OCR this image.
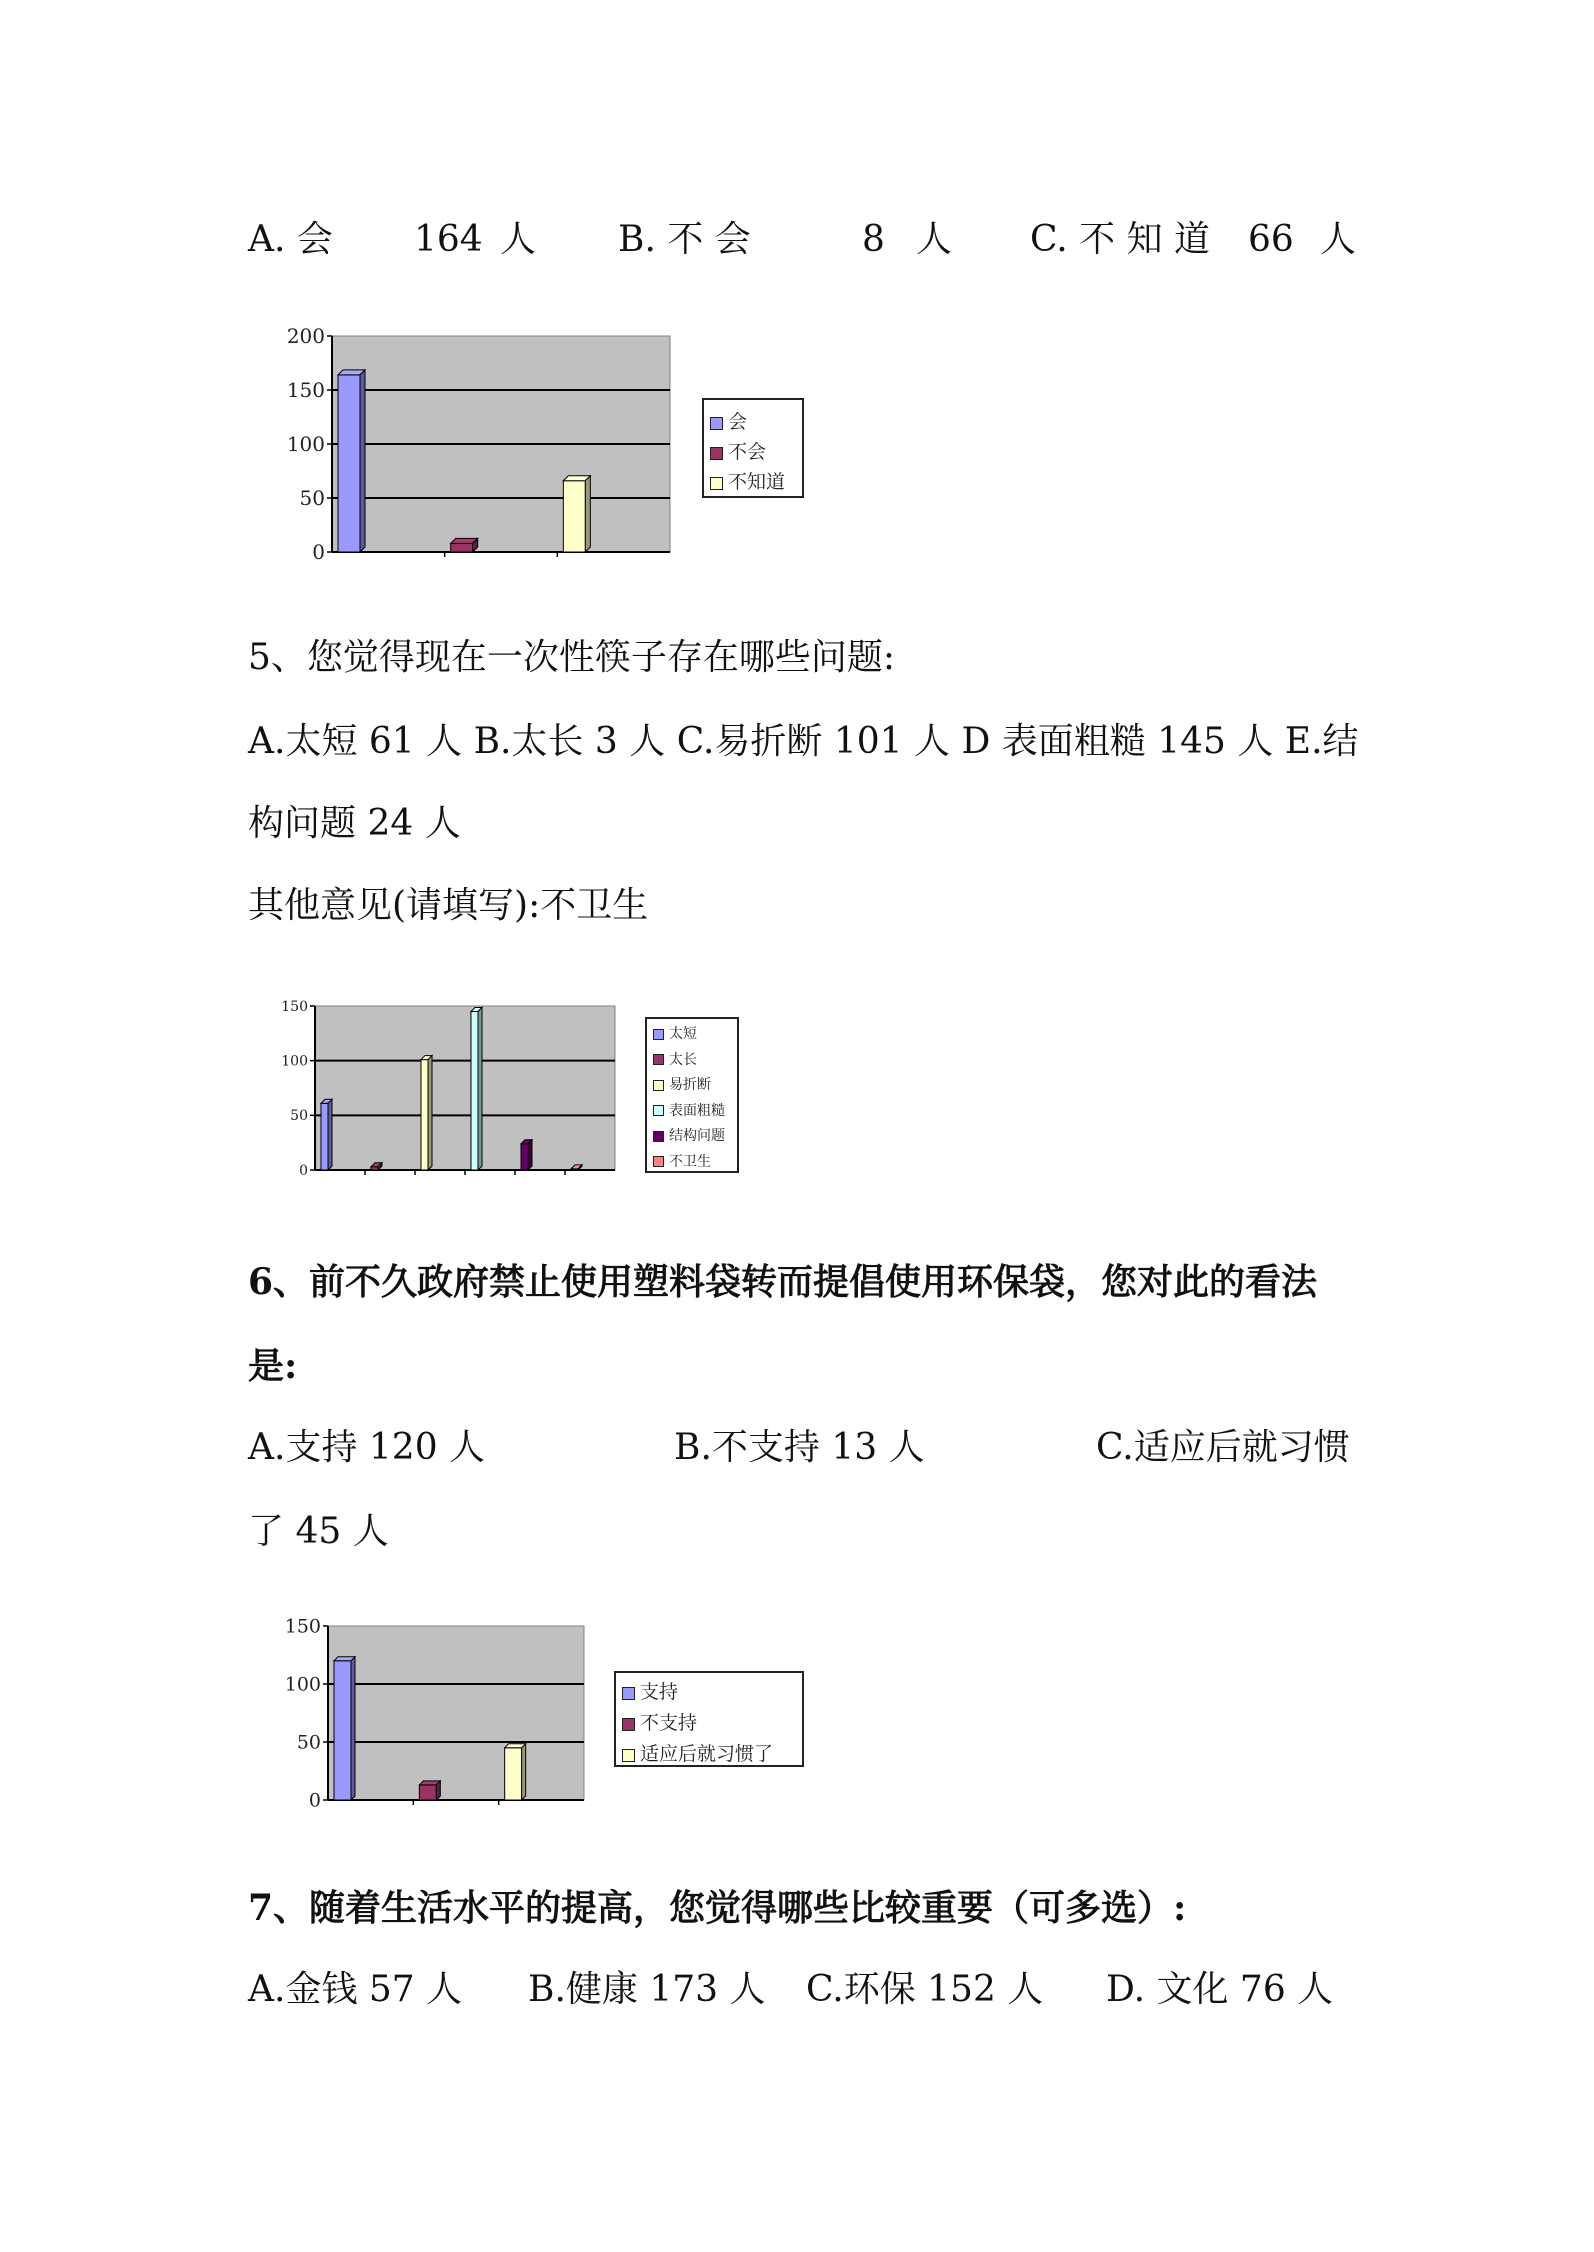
A. 会 164 人 B. 不 会	8 人 C. 不 知 道 66 人
0
50
100
150
200
会
不会
不知道
5、您觉得现在一次性筷子存在哪些问题:
A.太短 61 人 B.太长 3 人 C.易折断 101 人 D 表面粗糙 145 人 E.结
构问题 24 人
其他意见(请填写):不卫生
0
50
100
150
太短
太长
易折断
表面粗糙
结构问题
不卫生
6、前不久政府禁止使用塑料袋转而提倡使用环保袋，您对此的看法
是:
A.支持 120 人	B.不支持 13 人	C.适应后就习惯
了 45 人
0
50
100
150
支持
不支持
适应后就习惯了
7、随着生活水平的提高，您觉得哪些比较重要（可多选）:
A.金钱 57 人 B.健康 173 人 C.环保 152 人 D. 文化 76 人
